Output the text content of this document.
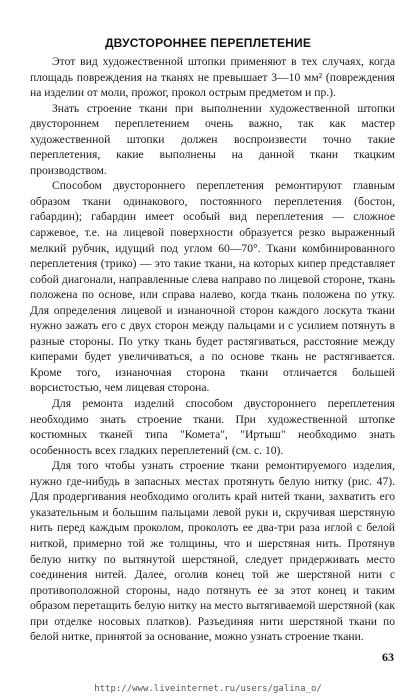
ДВУСТОРОННЕЕ ПЕРЕПЛЕТЕНИЕ

Этот вид художественной штопки применяют в тех случаях, когда площадь повреждения на тканях не превышает 3—10 мм² (повреждения на изделии от моли, прожог, прокол острым предметом и пр.).

Знать строение ткани при выполнении художественной штопки двустороннем переплетением очень важно, так как мастер художественной штопки должен воспроизвести точно такие переплетения, какие выполнены на данной ткани ткацким производством.

Способом двустороннего переплетения ремонтируют главным образом ткани одинакового, постоянного переплетения (бостон, габардин); габардин имеет особый вид переплетения — сложное саржевое, т.е. на лицевой поверхности образуется резко выраженный мелкий рубчик, идущий под углом 60—70°. Ткани комбинированного переплетения (трико) — это такие ткани, на которых кипер представляет собой диагонали, направленные слева направо по лицевой стороне, ткань положена по основе, или справа налево, когда ткань положена по утку. Для определения лицевой и изнаночной сторон каждого лоскута ткани нужно зажать его с двух сторон между пальцами и с усилием потянуть в разные стороны. По утку ткань будет растягиваться, расстояние между киперами будет увеличиваться, а по основе ткань не растягивается. Кроме того, изнаночная сторона ткани отличается большей ворсистостью, чем лицевая сторона.

Для ремонта изделий способом двустороннего переплетения необходимо знать строение ткани. При художественной штопке костюмных тканей типа "Комета", "Иртыш" необходимо знать особенность всех гладких переплетений (см. с. 10).

Для того чтобы узнать строение ткани ремонтируемого изделия, нужно где-нибудь в запасных местах протянуть белую нитку (рис. 47). Для продергивания необходимо оголить край нитей ткани, захватить его указательным и большим пальцами левой руки и, скручивая шерстяную нить перед каждым проколом, проколоть ее два-три раза иглой с белой ниткой, примерно той же толщины, что и шерстяная нить. Протянув белую нитку по вытянутой шерстяной, следует придерживать место соединения нитей. Далее, оголив конец той же шерстяной нити с противоположной стороны, надо потянуть ее за этот конец и таким образом перетащить белую нитку на место вытягиваемой шерстяной (как при отделке носовых платков). Разъединяя нити шерстяной ткани по белой нитке, принятой за основание, можно узнать строение ткани.

63
http://www.liveinternet.ru/users/galina_o/
